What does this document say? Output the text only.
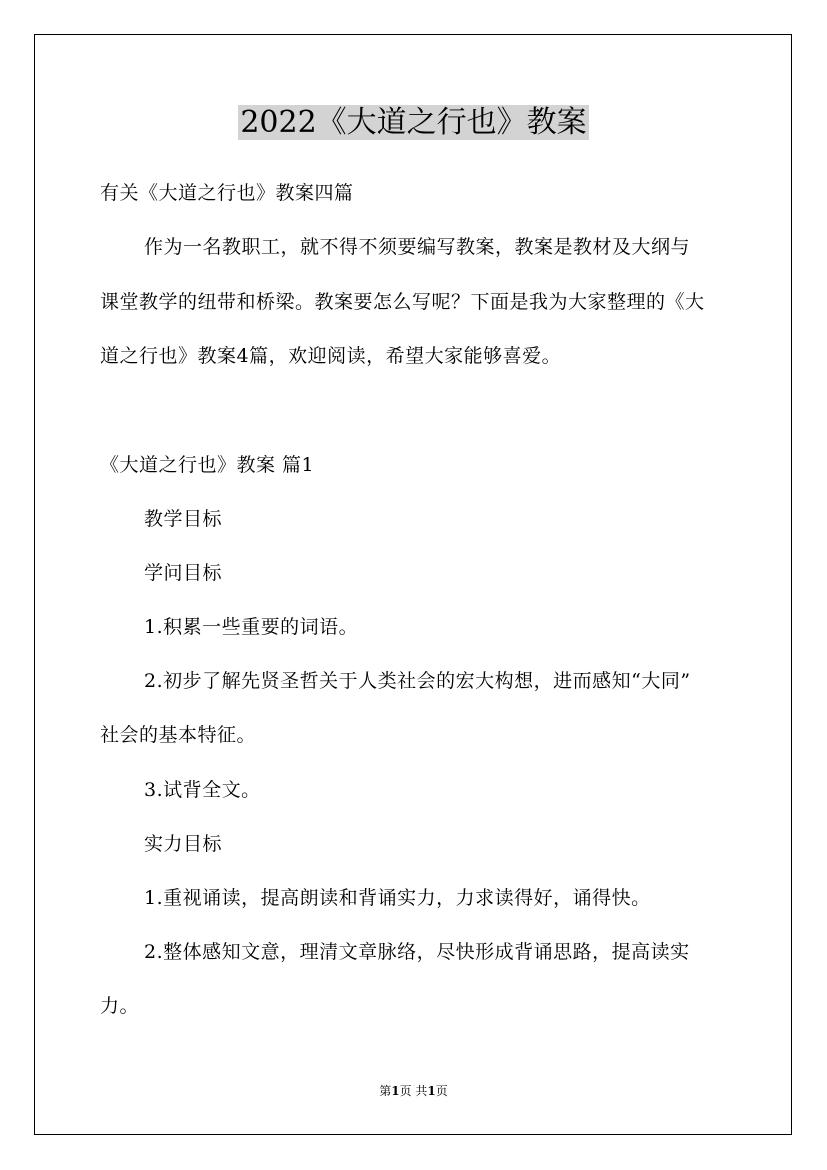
2022《大道之行也》教案
有关《大道之行也》教案四篇
作为一名教职工，就不得不须要编写教案，教案是教材及大纲与
课堂教学的纽带和桥梁。教案要怎么写呢？下面是我为大家整理的《大
道之行也》教案4篇，欢迎阅读，希望大家能够喜爱。
《大道之行也》教案 篇1
教学目标
学问目标
1.积累一些重要的词语。
2.初步了解先贤圣哲关于人类社会的宏大构想，进而感知“大同”
社会的基本特征。
3.试背全文。
实力目标
1.重视诵读，提高朗读和背诵实力，力求读得好，诵得快。
2.整体感知文意，理清文章脉络，尽快形成背诵思路，提高读实
力。
第1页 共1页
